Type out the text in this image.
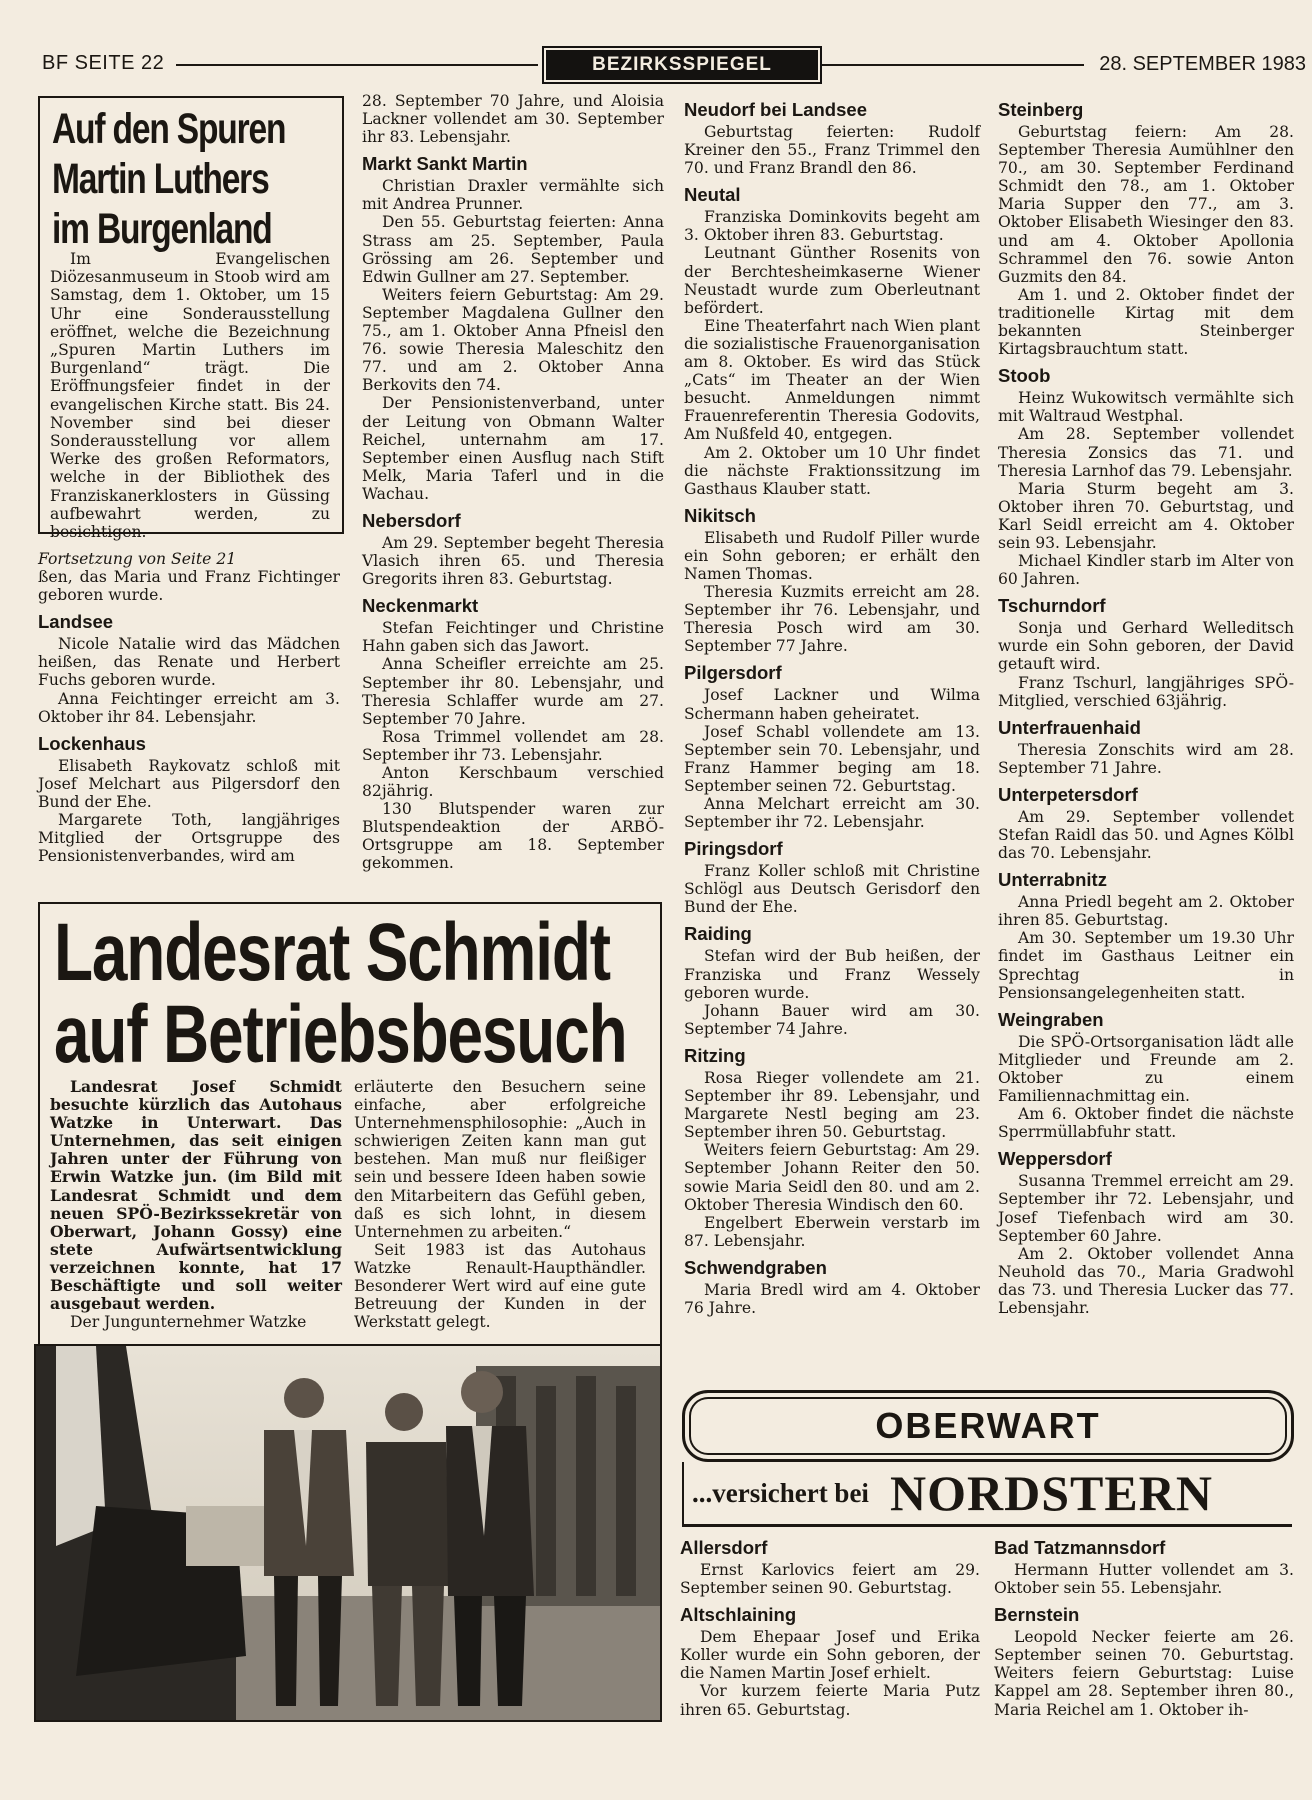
BF SEITE 22	BEZIRKSSPIEGEL	28. SEPTEMBER 1983
Auf den Spuren
Martin Luthers
im Burgenland

Im Evangelischen Diözesanmuseum in Stoob wird am Samstag, dem 1. Oktober, um 15 Uhr eine Sonderausstellung eröffnet, welche die Bezeichnung „Spuren Martin Luthers im Burgenland“ trägt. Die Eröffnungsfeier findet in der evangelischen Kirche statt. Bis 24. November sind bei dieser Sonderausstellung vor allem Werke des großen Reformators, welche in der Bibliothek des Franziskanerklosters in Güssing aufbewahrt werden, zu besichtigen.

Fortsetzung von Seite 21

ßen, das Maria und Franz Fichtinger geboren wurde.

Landsee

Nicole Natalie wird das Mädchen heißen, das Renate und Herbert Fuchs geboren wurde.

Anna Feichtinger erreicht am 3. Oktober ihr 84. Lebensjahr.

Lockenhaus

Elisabeth Raykovatz schloß mit Josef Melchart aus Pilgersdorf den Bund der Ehe.

Margarete Toth, langjähriges Mitglied der Ortsgruppe des Pensionistenverbandes, wird am

28. September 70 Jahre, und Aloisia Lackner vollendet am 30. September ihr 83. Lebensjahr.

Markt Sankt Martin

Christian Draxler vermählte sich mit Andrea Prunner.

Den 55. Geburtstag feierten: Anna Strass am 25. September, Paula Grössing am 26. September und Edwin Gullner am 27. September.

Weiters feiern Geburtstag: Am 29. September Magdalena Gullner den 75., am 1. Oktober Anna Pfneisl den 76. sowie Theresia Maleschitz den 77. und am 2. Oktober Anna Berkovits den 74.

Der Pensionistenverband, unter der Leitung von Obmann Walter Reichel, unternahm am 17. September einen Ausflug nach Stift Melk, Maria Taferl und in die Wachau.

Nebersdorf

Am 29. September begeht Theresia Vlasich ihren 65. und Theresia Gregorits ihren 83. Geburtstag.

Neckenmarkt

Stefan Feichtinger und Christine Hahn gaben sich das Jawort.

Anna Scheifler erreichte am 25. September ihr 80. Lebensjahr, und Theresia Schlaffer wurde am 27. September 70 Jahre.

Rosa Trimmel vollendet am 28. September ihr 73. Lebensjahr.

Anton Kerschbaum verschied 82jährig.

130 Blutspender waren zur Blutspendeaktion der ARBÖ-Ortsgruppe am 18. September gekommen.

Neudorf bei Landsee

Geburtstag feierten: Rudolf Kreiner den 55., Franz Trimmel den 70. und Franz Brandl den 86.

Neutal

Franziska Dominkovits begeht am 3. Oktober ihren 83. Geburtstag.

Leutnant Günther Rosenits von der Berchtesheimkaserne Wiener Neustadt wurde zum Oberleutnant befördert.

Eine Theaterfahrt nach Wien plant die sozialistische Frauenorganisation am 8. Oktober. Es wird das Stück „Cats“ im Theater an der Wien besucht. Anmeldungen nimmt Frauenreferentin Theresia Godovits, Am Nußfeld 40, entgegen.

Am 2. Oktober um 10 Uhr findet die nächste Fraktionssitzung im Gasthaus Klauber statt.

Nikitsch

Elisabeth und Rudolf Piller wurde ein Sohn geboren; er erhält den Namen Thomas.

Theresia Kuzmits erreicht am 28. September ihr 76. Lebensjahr, und Theresia Posch wird am 30. September 77 Jahre.

Pilgersdorf

Josef Lackner und Wilma Schermann haben geheiratet.

Josef Schabl vollendete am 13. September sein 70. Lebensjahr, und Franz Hammer beging am 18. September seinen 72. Geburtstag.

Anna Melchart erreicht am 30. September ihr 72. Lebensjahr.

Piringsdorf

Franz Koller schloß mit Christine Schlögl aus Deutsch Gerisdorf den Bund der Ehe.

Raiding

Stefan wird der Bub heißen, der Franziska und Franz Wessely geboren wurde.

Johann Bauer wird am 30. September 74 Jahre.

Ritzing

Rosa Rieger vollendete am 21. September ihr 89. Lebensjahr, und Margarete Nestl beging am 23. September ihren 50. Geburtstag.

Weiters feiern Geburtstag: Am 29. September Johann Reiter den 50. sowie Maria Seidl den 80. und am 2. Oktober Theresia Windisch den 60.

Engelbert Eberwein verstarb im 87. Lebensjahr.

Schwendgraben

Maria Bredl wird am 4. Oktober 76 Jahre.

Steinberg

Geburtstag feiern: Am 28. September Theresia Aumühlner den 70., am 30. September Ferdinand Schmidt den 78., am 1. Oktober Maria Supper den 77., am 3. Oktober Elisabeth Wiesinger den 83. und am 4. Oktober Apollonia Schrammel den 76. sowie Anton Guzmits den 84.

Am 1. und 2. Oktober findet der traditionelle Kirtag mit dem bekannten Steinberger Kirtagsbrauchtum statt.

Stoob

Heinz Wukowitsch vermählte sich mit Waltraud Westphal.

Am 28. September vollendet Theresia Zonsics das 71. und Theresia Larnhof das 79. Lebensjahr.

Maria Sturm begeht am 3. Oktober ihren 70. Geburtstag, und Karl Seidl erreicht am 4. Oktober sein 93. Lebensjahr.

Michael Kindler starb im Alter von 60 Jahren.

Tschurndorf

Sonja und Gerhard Welleditsch wurde ein Sohn geboren, der David getauft wird.

Franz Tschurl, langjähriges SPÖ-Mitglied, verschied 63jährig.

Unterfrauenhaid

Theresia Zonschits wird am 28. September 71 Jahre.

Unterpetersdorf

Am 29. September vollendet Stefan Raidl das 50. und Agnes Kölbl das 70. Lebensjahr.

Unterrabnitz

Anna Priedl begeht am 2. Oktober ihren 85. Geburtstag.

Am 30. September um 19.30 Uhr findet im Gasthaus Leitner ein Sprechtag in Pensionsangelegenheiten statt.

Weingraben

Die SPÖ-Ortsorganisation lädt alle Mitglieder und Freunde am 2. Oktober zu einem Familiennachmittag ein.

Am 6. Oktober findet die nächste Sperrmüllabfuhr statt.

Weppersdorf

Susanna Tremmel erreicht am 29. September ihr 72. Lebensjahr, und Josef Tiefenbach wird am 30. September 60 Jahre.

Am 2. Oktober vollendet Anna Neuhold das 70., Maria Gradwohl das 73. und Theresia Lucker das 77. Lebensjahr.

Landesrat Schmidt
auf Betriebsbesuch

Landesrat Josef Schmidt besuchte kürzlich das Autohaus Watzke in Unterwart. Das Unternehmen, das seit einigen Jahren unter der Führung von Erwin Watzke jun. (im Bild mit Landesrat Schmidt und dem neuen SPÖ-Bezirkssekretär von Oberwart, Johann Gossy) eine stete Aufwärtsentwicklung verzeichnen konnte, hat 17 Beschäftigte und soll weiter ausgebaut werden.

Der Jungunternehmer Watzke

erläuterte den Besuchern seine einfache, aber erfolgreiche Unternehmensphilosophie: „Auch in schwierigen Zeiten kann man gut bestehen. Man muß nur fleißiger sein und bessere Ideen haben sowie den Mitarbeitern das Gefühl geben, daß es sich lohnt, in diesem Unternehmen zu arbeiten.“

Seit 1983 ist das Autohaus Watzke Renault-Haupthändler. Besonderer Wert wird auf eine gute Betreuung der Kunden in der Werkstatt gelegt.

OBERWART
...versichert bei NORDSTERN
Allersdorf

Ernst Karlovics feiert am 29. September seinen 90. Geburtstag.

Altschlaining

Dem Ehepaar Josef und Erika Koller wurde ein Sohn geboren, der die Namen Martin Josef erhielt.

Vor kurzem feierte Maria Putz ihren 65. Geburtstag.

Bad Tatzmannsdorf

Hermann Hutter vollendet am 3. Oktober sein 55. Lebensjahr.

Bernstein

Leopold Necker feierte am 26. September seinen 70. Geburtstag. Weiters feiern Geburtstag: Luise Kappel am 28. September ihren 80., Maria Reichel am 1. Oktober ih-
